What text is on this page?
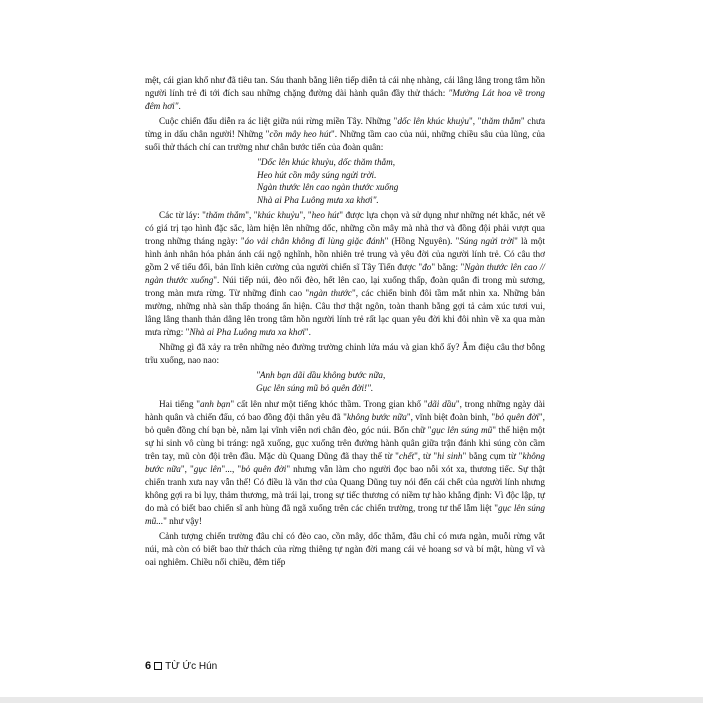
mệt, cái gian khổ như đã tiêu tan. Sáu thanh bằng liên tiếp diễn tả cái nhẹ nhàng, cái lâng lâng trong tâm hồn người lính trẻ đi tới đích sau những chặng đường dài hành quân đầy thử thách: "Mường Lát hoa về trong đêm hơi".

Cuộc chiến đấu diễn ra ác liệt giữa núi rừng miền Tây. Những "dốc lên khúc khuỷu", "thăm thẳm" chưa từng in dấu chân người! Những "cồn mây heo hút". Những tầm cao của núi, những chiều sâu của lũng, của suối thử thách chí can trường như chân bước tiến của đoàn quân:

"Dốc lên khúc khuỷu, dốc thăm thẳm,
Heo hút cồn mây súng ngửi trời.
Ngàn thước lên cao ngàn thước xuống
Nhà ai Pha Luông mưa xa khơi".

Các từ láy: "thăm thẳm", "khúc khuỷu", "heo hút" được lựa chọn và sử dụng như những nét khắc, nét vẽ có giá trị tạo hình đặc sắc, làm hiện lên những dốc, những cồn mây mà nhà thơ và đồng đội phải vượt qua trong những tháng ngày: "áo vải chân không đi lùng giặc đánh" (Hồng Nguyên). "Súng ngửi trời" là một hình ảnh nhân hóa phản ánh cái ngộ nghĩnh, hồn nhiên trẻ trung và yêu đời của người lính trẻ. Có câu thơ gồm 2 vế tiểu đối, bản lĩnh kiên cường của người chiến sĩ Tây Tiến được "đo" bằng: "Ngàn thước lên cao // ngàn thước xuống". Núi tiếp núi, đèo nối đèo, hết lên cao, lại xuống thấp, đoàn quân đi trong mù sương, trong màn mưa rừng. Từ những đỉnh cao "ngàn thước", các chiến binh đôi tầm mắt nhìn xa. Những bản mường, những nhà sàn thấp thoáng ẩn hiện. Câu thơ thật ngôn, toàn thanh bằng gợi tả cảm xúc tươi vui, lâng lâng thanh thản dâng lên trong tâm hồn người lính trẻ rất lạc quan yêu đời khi đôi nhìn về xa qua màn mưa rừng: "Nhà ai Pha Luông mưa xa khơi".

Những gì đã xảy ra trên những nẻo đường trường chinh lửa máu và gian khổ ấy? Âm điệu câu thơ bỗng trĩu xuống, nao nao:

"Anh bạn dãi dầu không bước nữa,
Gục lên súng mũ bỏ quên đời!".

Hai tiếng "anh bạn" cất lên như một tiếng khóc thầm. Trong gian khổ "dãi dầu", trong những ngày dài hành quân và chiến đấu, có bao đồng đội thân yêu đã "không bước nữa", vĩnh biệt đoàn binh, "bỏ quên đời", bỏ quên đồng chí bạn bè, nằm lại vĩnh viễn nơi chân đèo, góc núi. Bốn chữ "gục lên súng mũ" thể hiện một sự hi sinh vô cùng bi tráng: ngã xuống, gục xuống trên đường hành quân giữa trận đánh khi súng còn cầm trên tay, mũ còn đội trên đầu. Mặc dù Quang Dũng đã thay thế từ "chết", từ "hi sinh" bằng cụm từ "không bước nữa", "gục lên"..., "bỏ quên đời" nhưng vẫn làm cho người đọc bao nỗi xót xa, thương tiếc. Sự thật chiến tranh xưa nay vẫn thế! Có điều là văn thơ của Quang Dũng tuy nói đến cái chết của người lính nhưng không gợi ra bi lụy, thảm thương, mà trái lại, trong sự tiếc thương có niềm tự hào khẳng định: Vì độc lập, tự do mà có biết bao chiến sĩ anh hùng đã ngã xuống trên các chiến trường, trong tư thế lẫm liệt "gục lên súng mũ..." như vậy!

Cảnh tượng chiến trường đâu chỉ có đèo cao, cồn mây, dốc thẳm, đâu chỉ có mưa ngàn, muỗi rừng vắt núi, mà còn có biết bao thử thách của rừng thiêng tự ngàn đời mang cái vẻ hoang sơ và bí mật, hùng vĩ và oai nghiêm. Chiều nối chiều, đêm tiếp

6 TỪ Ức Hún
